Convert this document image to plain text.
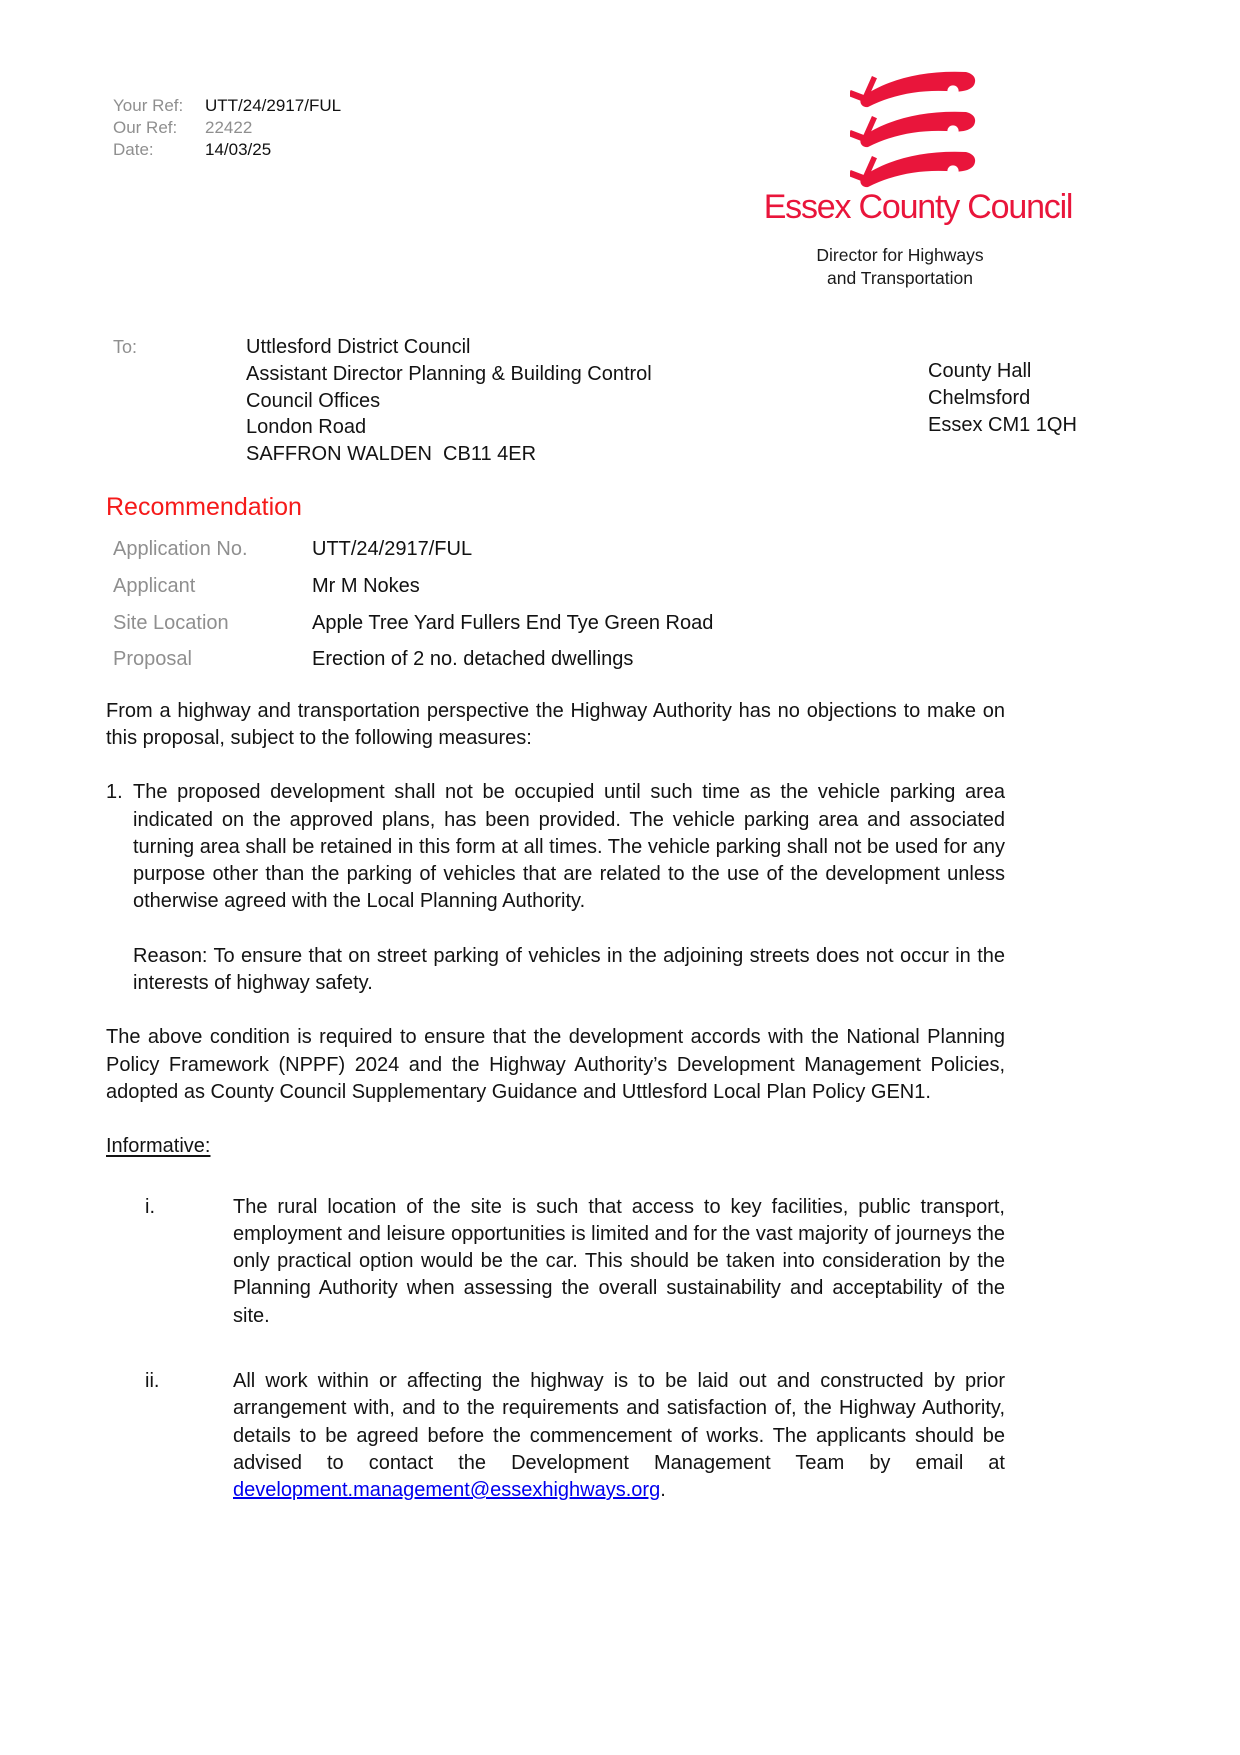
Your Ref:	UTT/24/2917/FUL
Our Ref:	22422
Date:	14/03/25
Essex County Council
Director for Highways
and Transportation
To:	Uttlesford District Council
Assistant Director Planning & Building Control
Council Offices
London Road
SAFFRON WALDEN  CB11 4ER
County Hall
Chelmsford
Essex CM1 1QH
Recommendation
Application No.	UTT/24/2917/FUL
Applicant	Mr M Nokes
Site Location	Apple Tree Yard Fullers End Tye Green Road
Proposal	Erection of 2 no. detached dwellings

From a highway and transportation perspective the Highway Authority has no objections to make on this proposal, subject to the following measures:

1. The proposed development shall not be occupied until such time as the vehicle parking area indicated on the approved plans, has been provided. The vehicle parking area and associated turning area shall be retained in this form at all times. The vehicle parking shall not be used for any purpose other than the parking of vehicles that are related to the use of the development unless otherwise agreed with the Local Planning Authority.

Reason: To ensure that on street parking of vehicles in the adjoining streets does not occur in the interests of highway safety.

The above condition is required to ensure that the development accords with the National Planning Policy Framework (NPPF) 2024 and the Highway Authority’s Development Management Policies, adopted as County Council Supplementary Guidance and Uttlesford Local Plan Policy GEN1.

Informative:

i.	The rural location of the site is such that access to key facilities, public transport, employment and leisure opportunities is limited and for the vast majority of journeys the only practical option would be the car. This should be taken into consideration by the Planning Authority when assessing the overall sustainability and acceptability of the site.
ii.	All work within or affecting the highway is to be laid out and constructed by prior arrangement with, and to the requirements and satisfaction of, the Highway Authority, details to be agreed before the commencement of works. The applicants should be advised to contact the Development Management Team by email at development.management@essexhighways.org.
